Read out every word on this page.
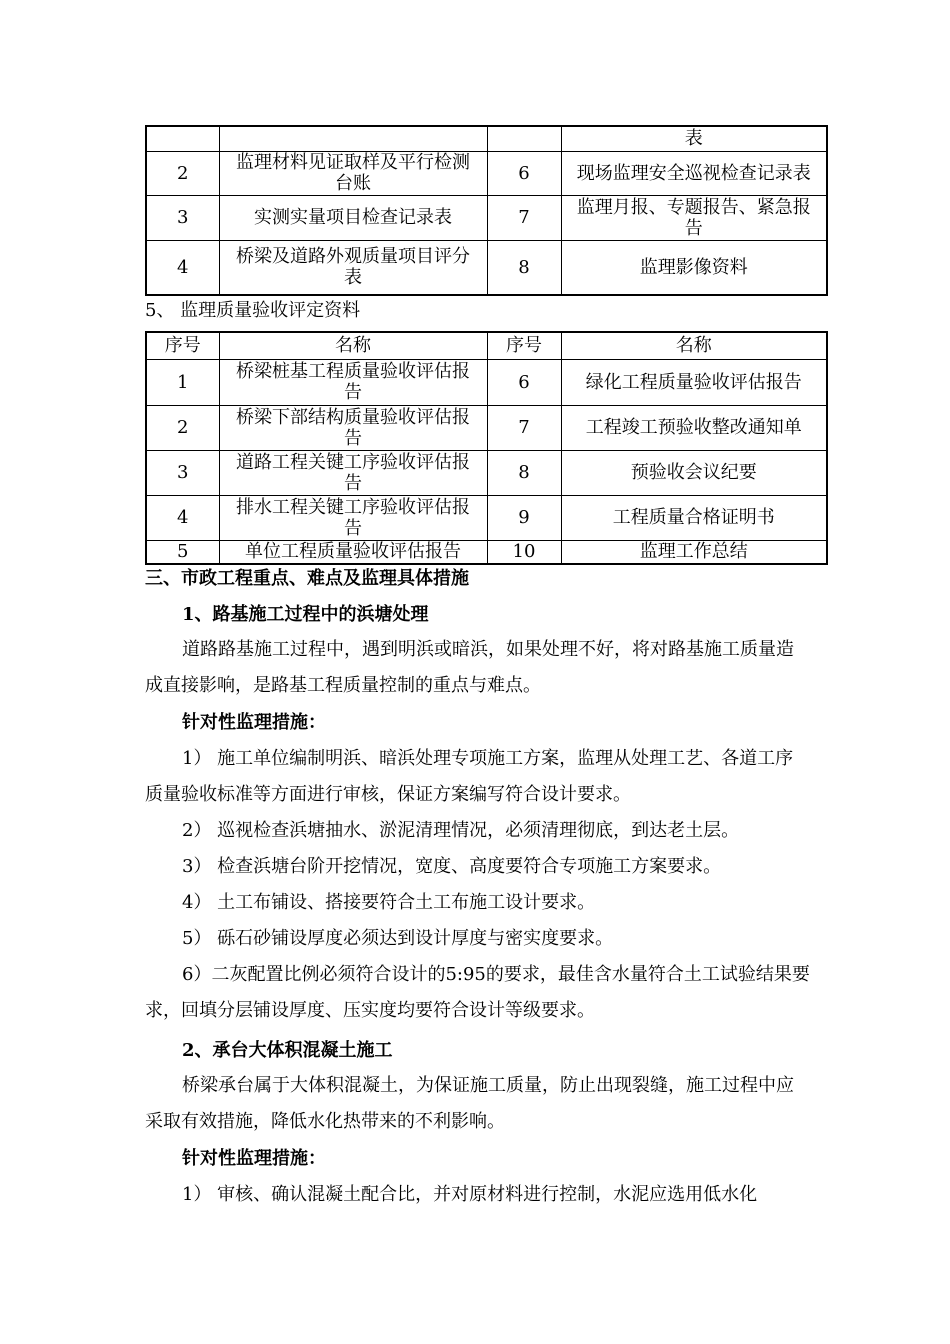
			表
2	监理材料见证取样及平行检测台账	6	现场监理安全巡视检查记录表
3	实测实量项目检查记录表	7	监理月报、专题报告、紧急报告
4	桥梁及道路外观质量项目评分表	8	监理影像资料
5、 监理质量验收评定资料
序号	名称	序号	名称
1	桥梁桩基工程质量验收评估报告	6	绿化工程质量验收评估报告
2	桥梁下部结构质量验收评估报告	7	工程竣工预验收整改通知单
3	道路工程关键工序验收评估报告	8	预验收会议纪要
4	排水工程关键工序验收评估报告	9	工程质量合格证明书
5	单位工程质量验收评估报告	10	监理工作总结
三、市政工程重点、难点及监理具体措施
1、路基施工过程中的浜塘处理
道路路基施工过程中，遇到明浜或暗浜，如果处理不好，将对路基施工质量造成直接影响，是路基工程质量控制的重点与难点。
针对性监理措施：
1） 施工单位编制明浜、暗浜处理专项施工方案，监理从处理工艺、各道工序质量验收标准等方面进行审核，保证方案编写符合设计要求。
2） 巡视检查浜塘抽水、淤泥清理情况，必须清理彻底，到达老土层。
3） 检查浜塘台阶开挖情况，宽度、高度要符合专项施工方案要求。
4） 土工布铺设、搭接要符合土工布施工设计要求。
5） 砾石砂铺设厚度必须达到设计厚度与密实度要求。
6）二灰配置比例必须符合设计的5:95的要求，最佳含水量符合土工试验结果要求，回填分层铺设厚度、压实度均要符合设计等级要求。
2、承台大体积混凝土施工
桥梁承台属于大体积混凝土，为保证施工质量，防止出现裂缝，施工过程中应采取有效措施，降低水化热带来的不利影响。
针对性监理措施：
1） 审核、确认混凝土配合比，并对原材料进行控制，水泥应选用低水化
